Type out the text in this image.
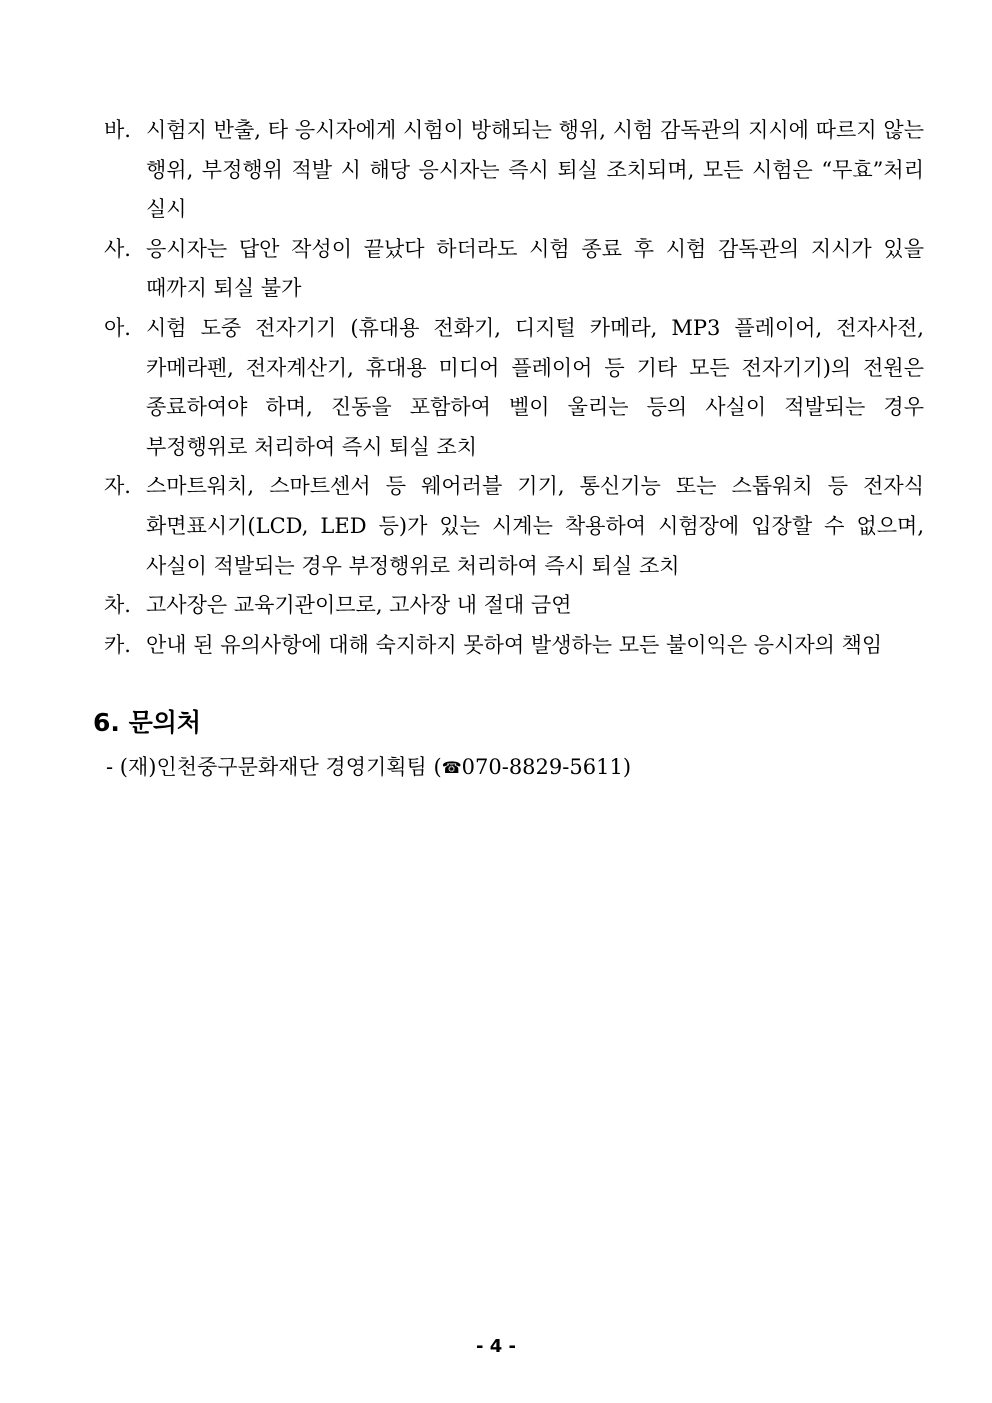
바. 시험지 반출, 타 응시자에게 시험이 방해되는 행위, 시험 감독관의 지시에 따르지 않는 행위, 부정행위 적발 시 해당 응시자는 즉시 퇴실 조치되며, 모든 시험은 “무효”처리 실시
사. 응시자는 답안 작성이 끝났다 하더라도 시험 종료 후 시험 감독관의 지시가 있을 때까지 퇴실 불가
아. 시험 도중 전자기기 (휴대용 전화기, 디지털 카메라, MP3 플레이어, 전자사전, 카메라펜, 전자계산기, 휴대용 미디어 플레이어 등 기타 모든 전자기기)의 전원은 종료하여야 하며, 진동을 포함하여 벨이 울리는 등의 사실이 적발되는 경우 부정행위로 처리하여 즉시 퇴실 조치
자. 스마트워치, 스마트센서 등 웨어러블 기기, 통신기능 또는 스톱워치 등 전자식 화면표시기(LCD, LED 등)가 있는 시계는 착용하여 시험장에 입장할 수 없으며, 사실이 적발되는 경우 부정행위로 처리하여 즉시 퇴실 조치
차. 고사장은 교육기관이므로, 고사장 내 절대 금연
카. 안내 된 유의사항에 대해 숙지하지 못하여 발생하는 모든 불이익은 응시자의 책임
6. 문의처
- (재)인천중구문화재단 경영기획팀 (☎070-8829-5611)
- 4 -
